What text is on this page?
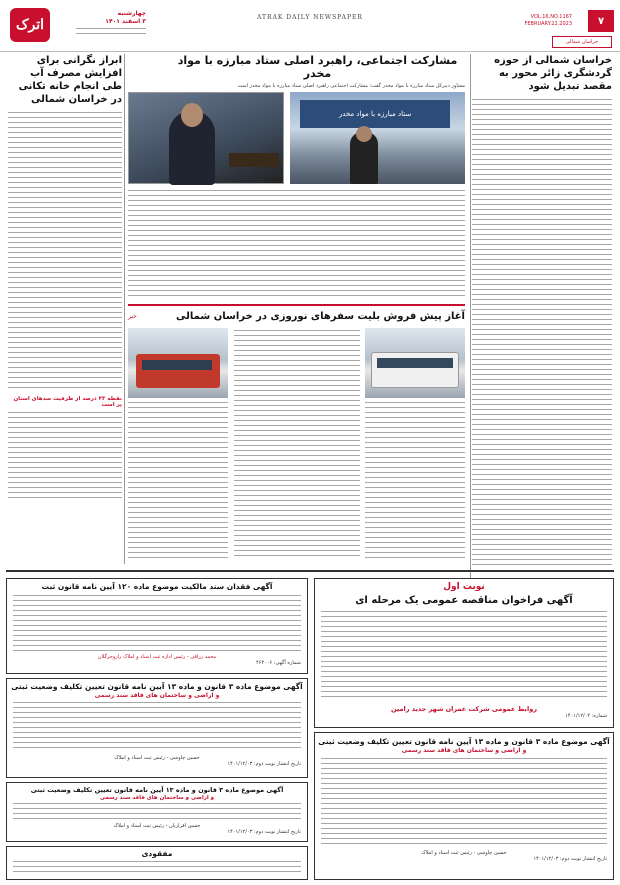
اترک
چهارشنبه
۳ اسفند ۱۴۰۱
ATRAK DAILY NEWSPAPER	VOL.16,NO.1167
FEBRUARY.22.2023	۷
خراسان شمالی
خراسان شمالی از حوزه گردشگری زائر محور به مقصد تبدیل شود
مشارکت اجتماعی، راهبرد اصلی ستاد مبارزه با مواد مخدر
مشاور دبیرکل ستاد مبارزه با مواد مخدر گفت: مشارکت اجتماعی راهبرد اصلی ستاد مبارزه با مواد مخدر است
ستاد مبارزه با مواد مخدر
آغاز پیش فروش بلیت سفرهای نوروزی در خراسان شمالی
خبر
ابراز نگرانی برای افزایش مصرف آب طی انجام خانه تکانی در خراسان شمالی
نقطه ۴۳ درصد از ظرفیت سدهای استان پر است
نوبت اول
آگهی فراخوان مناقصه عمومی یک مرحله ای
روابط عمومی شرکت عمران شهر جدید رامین
شماره: ۱۴۰۱/۱۲/۰۲
آگهی موضوع ماده ۳ قانون و ماده ۱۳ آیین نامه قانون تعیین تکلیف وضعیت ثبتی
و اراضی و ساختمان های فاقد سند رسمی
حسین چاوشی - رئیس ثبت اسناد و املاک
تاریخ انتشار نوبت دوم: ۱۴۰۱/۱۲/۰۳
آگهی فقدان سند مالکیت موضوع ماده ۱۲۰ آیین نامه قانون ثبت
محمد رزاقی - رئیس اداره ثبت اسناد و املاک رازوجرگلان
شماره آگهی: ۴۶۴۰۰۶
آگهی موضوع ماده ۳ قانون و ماده ۱۳ آیین نامه قانون تعیین تکلیف وضعیت ثبتی
و اراضی و ساختمان های فاقد سند رسمی
حسین چاوشی - رئیس ثبت اسناد و املاک
تاریخ انتشار نوبت دوم: ۱۴۰۱/۱۲/۰۳
آگهی موضوع ماده ۳ قانون و ماده ۱۳ آیین نامه قانون تعیین تکلیف وضعیت ثبتی
و اراضی و ساختمان های فاقد سند رسمی
حسین افرازیان - رئیس ثبت اسناد و املاک
تاریخ انتشار نوبت دوم: ۱۴۰۱/۱۲/۰۳
مفقودی
